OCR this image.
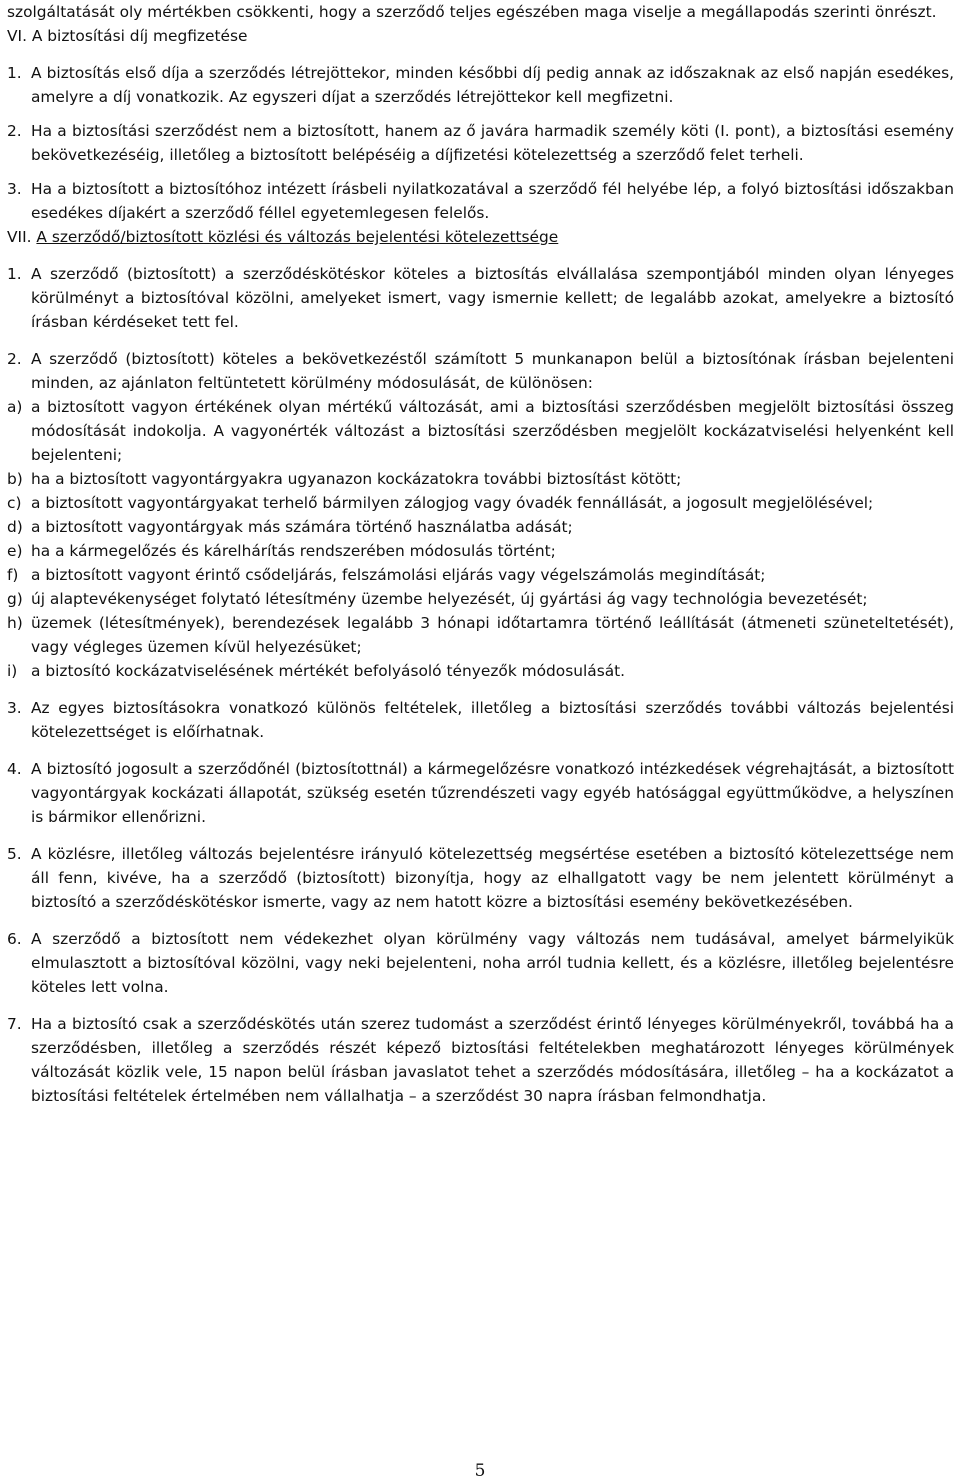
szolgáltatását oly mértékben csökkenti, hogy a szerződő teljes egészében maga viselje a megállapodás szerinti önrészt.

VI. A biztosítási díj megfizetése

1. A biztosítás első díja a szerződés létrejöttekor, minden későbbi díj pedig annak az időszaknak az első napján esedékes, amelyre a díj vonatkozik. Az egyszeri díjat a szerződés létrejöttekor kell megfizetni.
2. Ha a biztosítási szerződést nem a biztosított, hanem az ő javára harmadik személy köti (I. pont), a biztosítási esemény bekövetkezéséig, illetőleg a biztosított belépéséig a díjfizetési kötelezettség a szerződő felet terheli.
3. Ha a biztosított a biztosítóhoz intézett írásbeli nyilatkozatával a szerződő fél helyébe lép, a folyó biztosítási időszakban esedékes díjakért a szerződő féllel egyetemlegesen felelős.

VII. A szerződő/biztosított közlési és változás bejelentési kötelezettsége

1. A szerződő (biztosított) a szerződéskötéskor köteles a biztosítás elvállalása szempontjából minden olyan lényeges körülményt a biztosítóval közölni, amelyeket ismert, vagy ismernie kellett; de legalább azokat, amelyekre a biztosító írásban kérdéseket tett fel.
2. A szerződő (biztosított) köteles a bekövetkezéstől számított 5 munkanapon belül a biztosítónak írásban bejelenteni minden, az ajánlaton feltüntetett körülmény módosulását, de különösen:
a) a biztosított vagyon értékének olyan mértékű változását, ami a biztosítási szerződésben megjelölt biztosítási összeg módosítását indokolja. A vagyonérték változást a biztosítási szerződésben megjelölt kockázatviselési helyenként kell bejelenteni;
b) ha a biztosított vagyontárgyakra ugyanazon kockázatokra további biztosítást kötött;
c) a biztosított vagyontárgyakat terhelő bármilyen zálogjog vagy óvadék fennállását, a jogosult megjelölésével;
d) a biztosított vagyontárgyak más számára történő használatba adását;
e) ha a kármegelőzés és kárelhárítás rendszerében módosulás történt;
f) a biztosított vagyont érintő csődeljárás, felszámolási eljárás vagy végelszámolás megindítását;
g) új alaptevékenységet folytató létesítmény üzembe helyezését, új gyártási ág vagy technológia bevezetését;
h) üzemek (létesítmények), berendezések legalább 3 hónapi időtartamra történő leállítását (átmeneti szüneteltetését), vagy végleges üzemen kívül helyezésüket;
i) a biztosító kockázatviselésének mértékét befolyásoló tényezők módosulását.
3. Az egyes biztosításokra vonatkozó különös feltételek, illetőleg a biztosítási szerződés további változás bejelentési kötelezettséget is előírhatnak.
4. A biztosító jogosult a szerződőnél (biztosítottnál) a kármegelőzésre vonatkozó intézkedések végrehajtását, a biztosított vagyontárgyak kockázati állapotát, szükség esetén tűzrendészeti vagy egyéb hatósággal együttműködve, a helyszínen is bármikor ellenőrizni.
5. A közlésre, illetőleg változás bejelentésre irányuló kötelezettség megsértése esetében a biztosító kötelezettsége nem áll fenn, kivéve, ha a szerződő (biztosított) bizonyítja, hogy az elhallgatott vagy be nem jelentett körülményt a biztosító a szerződéskötéskor ismerte, vagy az nem hatott közre a biztosítási esemény bekövetkezésében.
6. A szerződő a biztosított nem védekezhet olyan körülmény vagy változás nem tudásával, amelyet bármelyikük elmulasztott a biztosítóval közölni, vagy neki bejelenteni, noha arról tudnia kellett, és a közlésre, illetőleg bejelentésre köteles lett volna.
7. Ha a biztosító csak a szerződéskötés után szerez tudomást a szerződést érintő lényeges körülményekről, továbbá ha a szerződésben, illetőleg a szerződés részét képező biztosítási feltételekben meghatározott lényeges körülmények változását közlik vele, 15 napon belül írásban javaslatot tehet a szerződés módosítására, illetőleg – ha a kockázatot a biztosítási feltételek értelmében nem vállalhatja – a szerződést 30 napra írásban felmondhatja.
5
